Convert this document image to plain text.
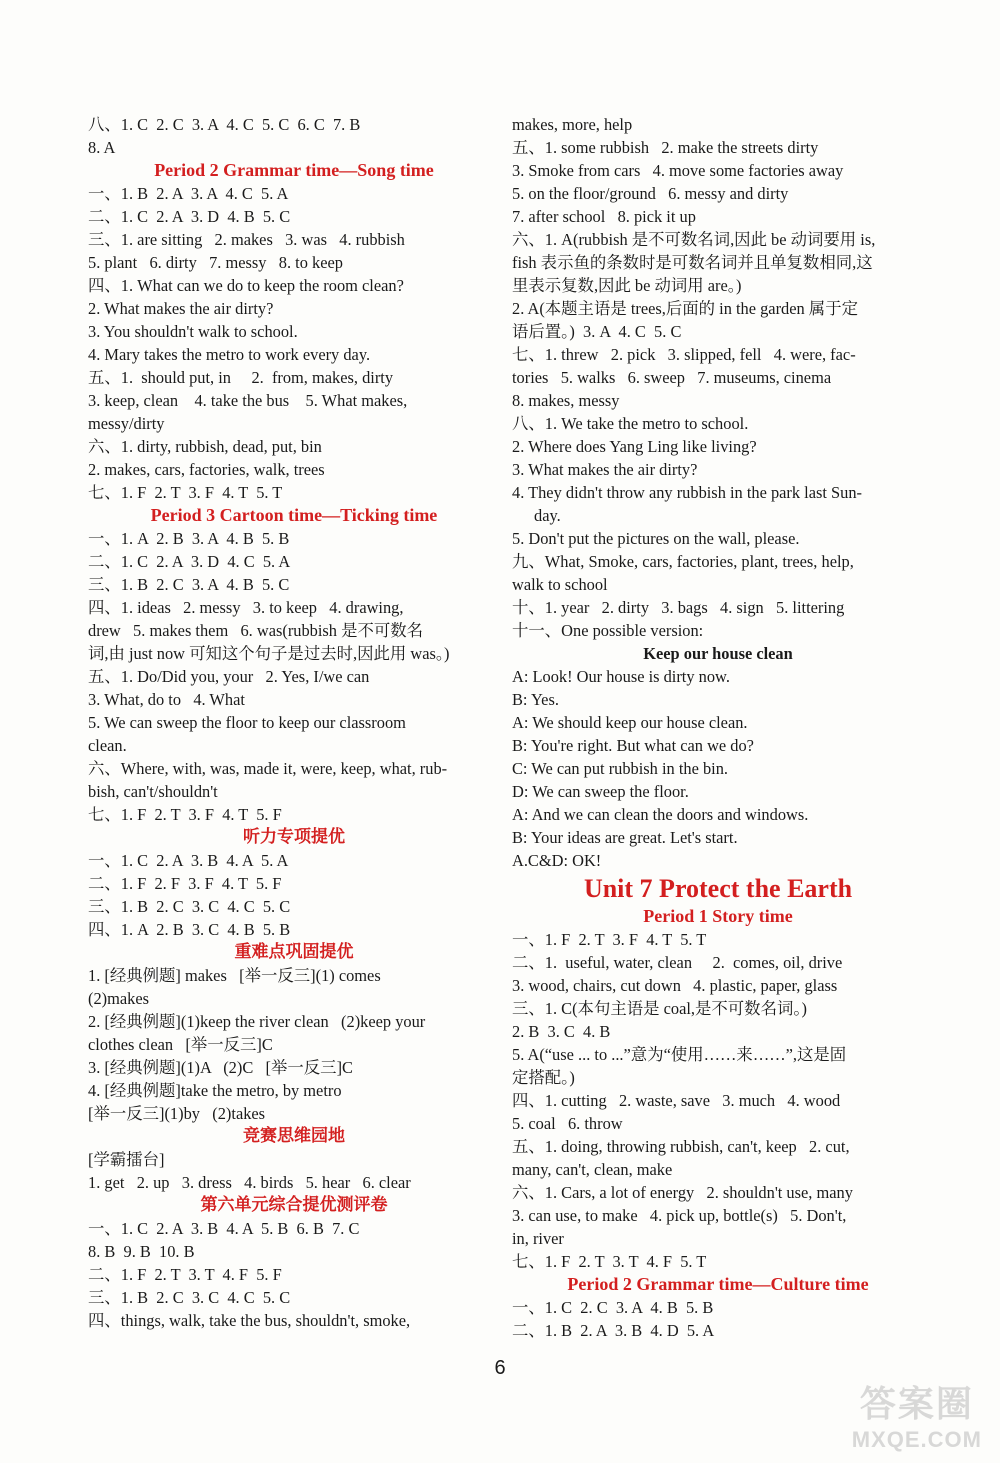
八、1. C  2. C  3. A  4. C  5. C  6. C  7. B
8. A
Period 2 Grammar time—Song time
一、1. B  2. A  3. A  4. C  5. A
二、1. C  2. A  3. D  4. B  5. C
三、1. are sitting   2. makes   3. was   4. rubbish
5. plant   6. dirty   7. messy   8. to keep
四、1. What can we do to keep the room clean?
2. What makes the air dirty?
3. You shouldn't walk to school.
4. Mary takes the metro to work every day.
五、1.  should put, in     2.  from, makes, dirty
3. keep, clean    4. take the bus    5. What makes,
messy/dirty
六、1. dirty, rubbish, dead, put, bin
2. makes, cars, factories, walk, trees
七、1. F  2. T  3. F  4. T  5. T
Period 3 Cartoon time—Ticking time
一、1. A  2. B  3. A  4. B  5. B
二、1. C  2. A  3. D  4. C  5. A
三、1. B  2. C  3. A  4. B  5. C
四、1. ideas   2. messy   3. to keep   4. drawing,
drew   5. makes them   6. was(rubbish 是不可数名
词,由 just now 可知这个句子是过去时,因此用 was。)
五、1. Do/Did you, your   2. Yes, I/we can
3. What, do to   4. What
5. We can sweep the floor to keep our classroom
clean.
六、Where, with, was, made it, were, keep, what, rub-
bish, can't/shouldn't
七、1. F  2. T  3. F  4. T  5. F
听力专项提优
一、1. C  2. A  3. B  4. A  5. A
二、1. F  2. F  3. F  4. T  5. F
三、1. B  2. C  3. C  4. C  5. C
四、1. A  2. B  3. C  4. B  5. B
重难点巩固提优
1. [经典例题] makes   [举一反三](1) comes
(2)makes
2. [经典例题](1)keep the river clean   (2)keep your
clothes clean   [举一反三]C
3. [经典例题](1)A   (2)C   [举一反三]C
4. [经典例题]take the metro, by metro
[举一反三](1)by   (2)takes
竞赛思维园地
[学霸擂台]
1. get   2. up   3. dress   4. birds   5. hear   6. clear
第六单元综合提优测评卷
一、1. C  2. A  3. B  4. A  5. B  6. B  7. C
8. B  9. B  10. B
二、1. F  2. T  3. T  4. F  5. F
三、1. B  2. C  3. C  4. C  5. C
四、things, walk, take the bus, shouldn't, smoke,
makes, more, help
五、1. some rubbish   2. make the streets dirty
3. Smoke from cars   4. move some factories away
5. on the floor/ground   6. messy and dirty
7. after school   8. pick it up
六、1. A(rubbish 是不可数名词,因此 be 动词要用 is,
fish 表示鱼的条数时是可数名词并且单复数相同,这
里表示复数,因此 be 动词用 are。)
2. A(本题主语是 trees,后面的 in the garden 属于定
语后置。)  3. A  4. C  5. C
七、1. threw   2. pick   3. slipped, fell   4. were, fac-
tories   5. walks   6. sweep   7. museums, cinema
8. makes, messy
八、1. We take the metro to school.
2. Where does Yang Ling like living?
3. What makes the air dirty?
4. They didn't throw any rubbish in the park last Sun-
day.
5. Don't put the pictures on the wall, please.
九、What, Smoke, cars, factories, plant, trees, help,
walk to school
十、1. year   2. dirty   3. bags   4. sign   5. littering
十一、One possible version:
Keep our house clean
A: Look! Our house is dirty now.
B: Yes.
A: We should keep our house clean.
B: You're right. But what can we do?
C: We can put rubbish in the bin.
D: We can sweep the floor.
A: And we can clean the doors and windows.
B: Your ideas are great. Let's start.
A.C&D: OK!
Unit 7 Protect the Earth
Period 1 Story time
一、1. F  2. T  3. F  4. T  5. T
二、1.  useful, water, clean     2.  comes, oil, drive
3. wood, chairs, cut down   4. plastic, paper, glass
三、1. C(本句主语是 coal,是不可数名词。)
2. B  3. C  4. B
5. A(“use ... to ...”意为“使用……来……”,这是固
定搭配。)
四、1. cutting   2. waste, save   3. much   4. wood
5. coal   6. throw
五、1. doing, throwing rubbish, can't, keep   2. cut,
many, can't, clean, make
六、1. Cars, a lot of energy   2. shouldn't use, many
3. can use, to make   4. pick up, bottle(s)   5. Don't,
in, river
七、1. F  2. T  3. T  4. F  5. T
Period 2 Grammar time—Culture time
一、1. C  2. C  3. A  4. B  5. B
二、1. B  2. A  3. B  4. D  5. A
6
答案圈
MXQE.COM
